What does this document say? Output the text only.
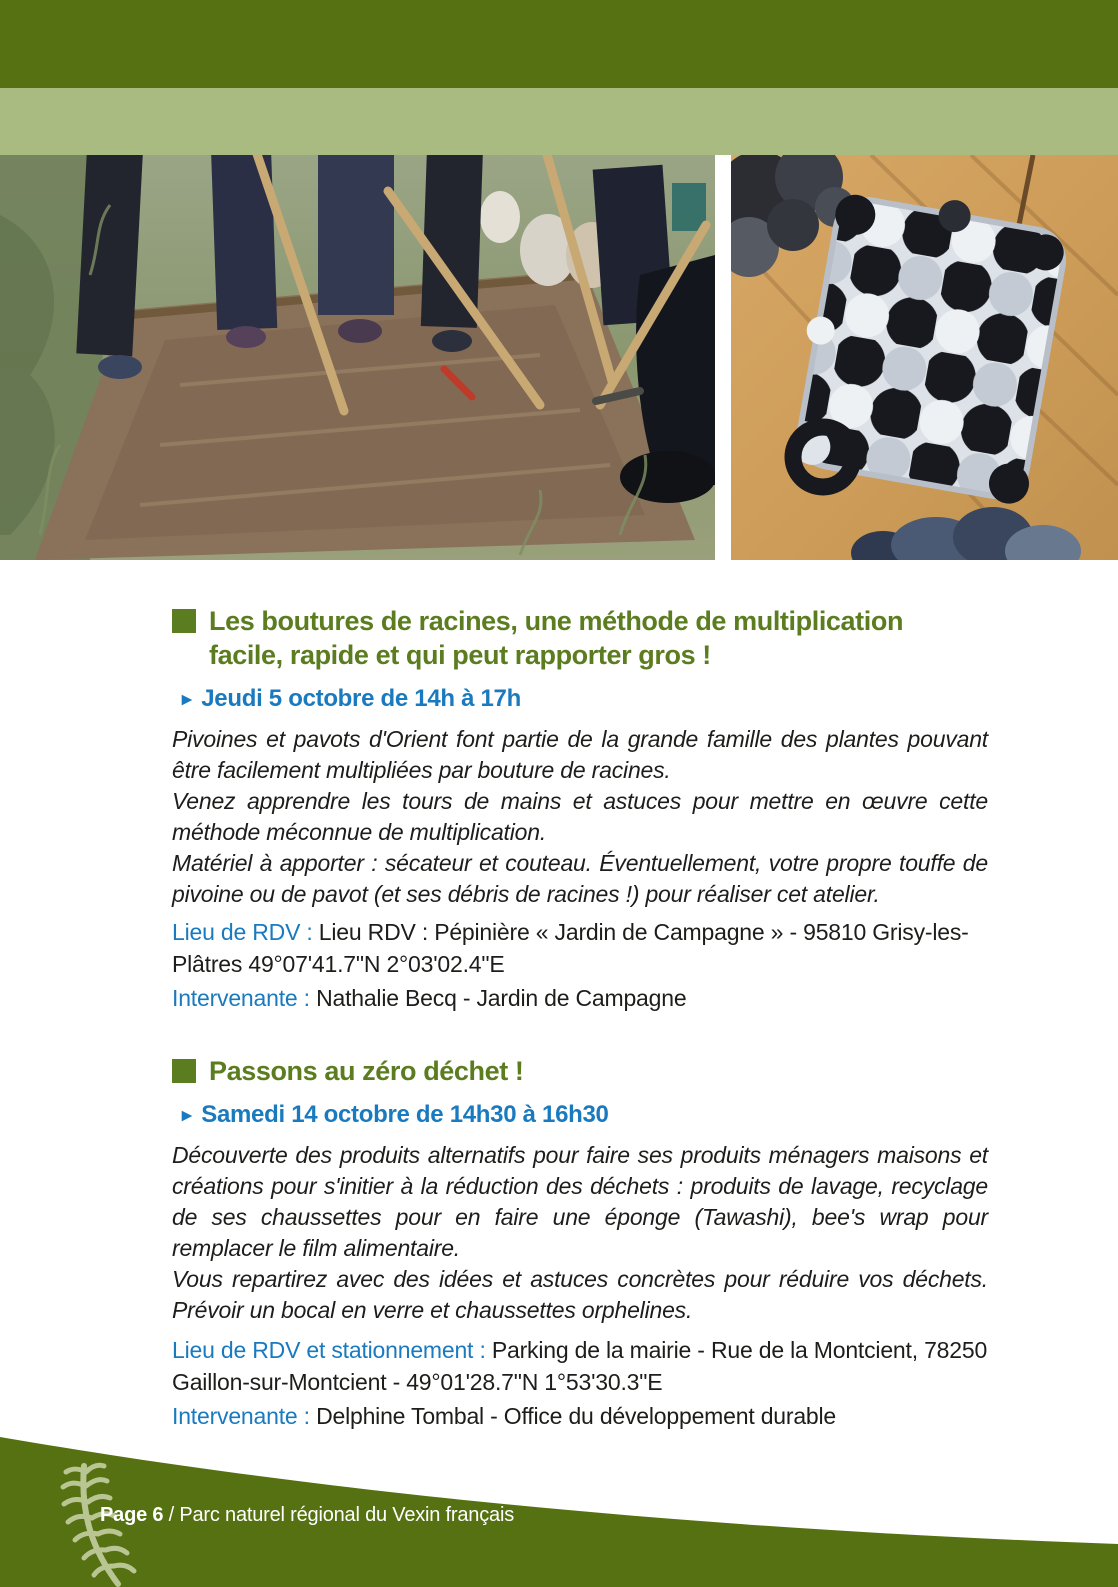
Les boutures de racines, une méthode de multiplication facile, rapide et qui peut rapporter gros !
▸ Jeudi 5 octobre de 14h à 17h

Pivoines et pavots d'Orient font partie de la grande famille des plantes pouvant être facilement multipliées par bouture de racines.

Venez apprendre les tours de mains et astuces pour mettre en œuvre cette méthode méconnue de multiplication.

Matériel à apporter : sécateur et couteau. Éventuellement, votre propre touffe de pivoine ou de pavot (et ses débris de racines !) pour réaliser cet atelier.

Lieu de RDV : Lieu RDV : Pépinière « Jardin de Campagne » - 95810 Grisy-les-Plâtres 49°07'41.7"N 2°03'02.4"E

Intervenante : Nathalie Becq - Jardin de Campagne

Passons au zéro déchet !
▸ Samedi 14 octobre de 14h30 à 16h30

Découverte des produits alternatifs pour faire ses produits ménagers maisons et créations pour s'initier à la réduction des déchets : produits de lavage, recyclage de ses chaussettes pour en faire une éponge (Tawashi), bee's wrap pour remplacer le film alimentaire.

Vous repartirez avec des idées et astuces concrètes pour réduire vos déchets. Prévoir un bocal en verre et chaussettes orphelines.

Lieu de RDV et stationnement : Parking de la mairie - Rue de la Montcient, 78250 Gaillon-sur-Montcient - 49°01'28.7"N 1°53'30.3"E

Intervenante : Delphine Tombal - Office du développement durable

Page 6 / Parc naturel régional du Vexin français
